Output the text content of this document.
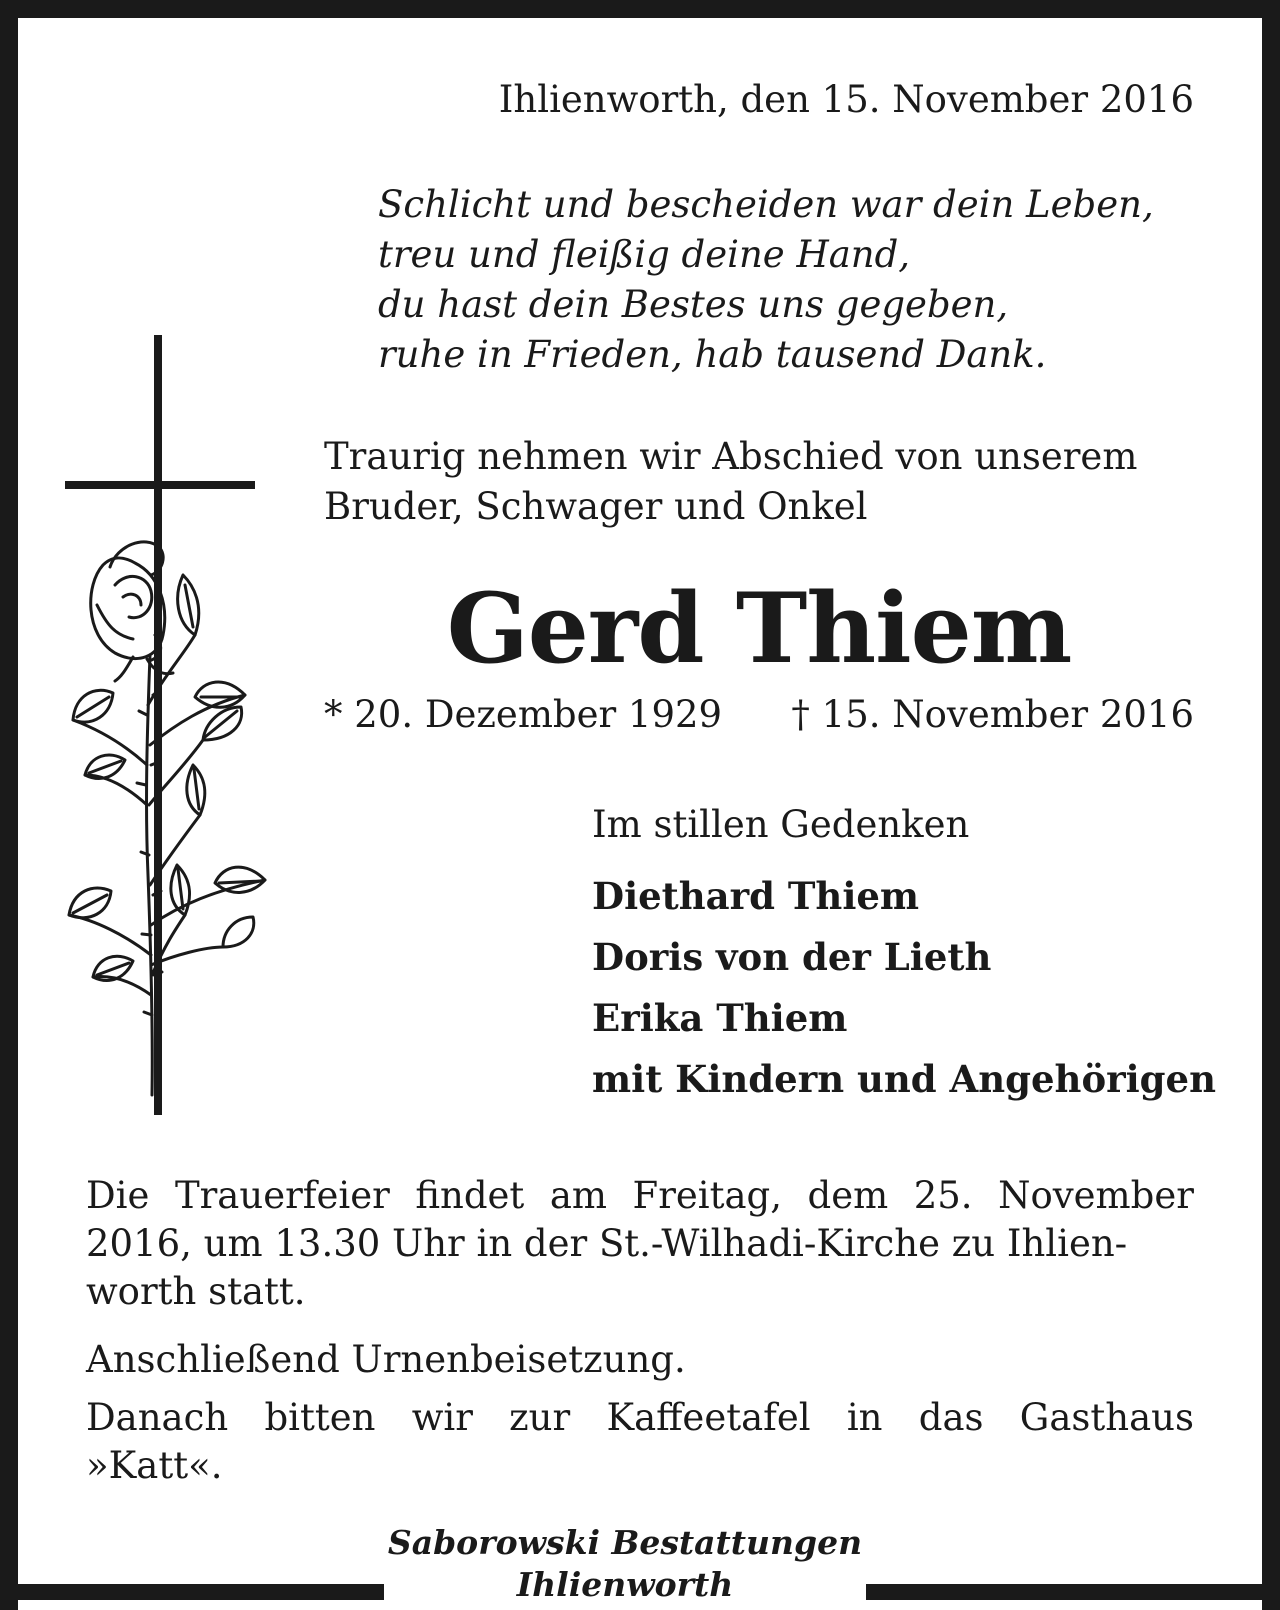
Ihlienworth, den 15. November 2016
Schlicht und bescheiden war dein Leben,
treu und fleißig deine Hand,
du hast dein Bestes uns gegeben,
ruhe in Frieden, hab tausend Dank.
Traurig nehmen wir Abschied von unserem
Bruder, Schwager und Onkel
Gerd Thiem
* 20. Dezember 1929 † 15. November 2016
Im stillen Gedenken
Diethard Thiem
Doris von der Lieth
Erika Thiem
mit Kindern und Angehörigen
Die Trauerfeier findet am Freitag, dem 25. November
2016, um 13.30 Uhr in der St.-Wilhadi-Kirche zu Ihlien-
worth statt.
Anschließend Urnenbeisetzung.
Danach bitten wir zur Kaffeetafel in das Gasthaus
»Katt«.
Saborowski Bestattungen
Ihlienworth
